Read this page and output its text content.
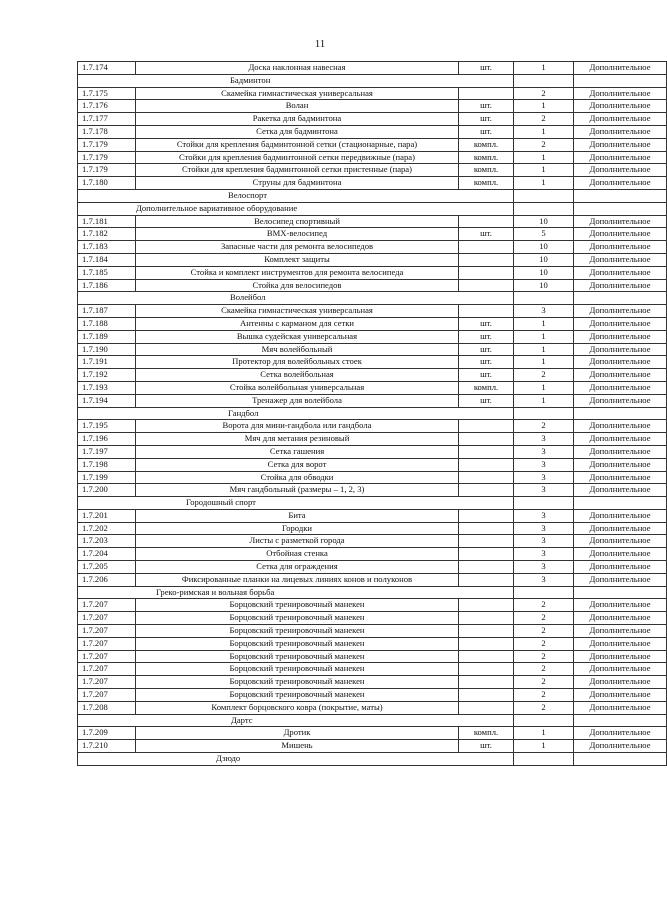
11
1.7.174	Доска наклонная навесная	шт.	1	Дополнительное
Бадминтон				
1.7.175	Скамейка гимнастическая универсальная		2	Дополнительное
1.7.176	Волан	шт.	1	Дополнительное
1.7.177	Ракетка для бадминтона	шт.	2	Дополнительное
1.7.178	Сетка для бадминтона	шт.	1	Дополнительное
1.7.179	Стойки для крепления бадминтонной сетки (стационарные, пара)	компл.	2	Дополнительное
1.7.179	Стойки для крепления бадминтонной сетки передвижные (пара)	компл.	1	Дополнительное
1.7.179	Стойки для крепления бадминтонной сетки пристенные (пара)	компл.	1	Дополнительное
1.7.180	Струны для бадминтона	компл.	1	Дополнительное
Велоспорт				
Дополнительное вариативное оборудование				
1.7.181	Велосипед спортивный		10	Дополнительное
1.7.182	BMX-велосипед	шт.	5	Дополнительное
1.7.183	Запасные части для ремонта велосипедов		10	Дополнительное
1.7.184	Комплект защиты		10	Дополнительное
1.7.185	Стойка и комплект инструментов для ремонта велосипеда		10	Дополнительное
1.7.186	Стойка для велосипедов		10	Дополнительное
Волейбол				
1.7.187	Скамейка гимнастическая универсальная		3	Дополнительное
1.7.188	Антенны с карманом для сетки	шт.	1	Дополнительное
1.7.189	Вышка судейская универсальная	шт.	1	Дополнительное
1.7.190	Мяч волейбольный	шт.	1	Дополнительное
1.7.191	Протектор для волейбольных стоек	шт.	1	Дополнительное
1.7.192	Сетка волейбольная	шт.	2	Дополнительное
1.7.193	Стойка волейбольная универсальная	компл.	1	Дополнительное
1.7.194	Тренажер для волейбола	шт.	1	Дополнительное
Гандбол				
1.7.195	Ворота для мини-гандбола или гандбола		2	Дополнительное
1.7.196	Мяч для метания резиновый		3	Дополнительное
1.7.197	Сетка гашения		3	Дополнительное
1.7.198	Сетка для ворот		3	Дополнительное
1.7.199	Стойка для обводки		3	Дополнительное
1.7.200	Мяч гандбольный (размеры – 1, 2, 3)		3	Дополнительное
Городошный спорт				
1.7.201	Бита		3	Дополнительное
1.7.202	Городки		3	Дополнительное
1.7.203	Листы с разметкой города		3	Дополнительное
1.7.204	Отбойная стенка		3	Дополнительное
1.7.205	Сетка для ограждения		3	Дополнительное
1.7.206	Фиксированные планки на лицевых линиях конов и полуконов		3	Дополнительное
Греко-римская и вольная борьба				
1.7.207	Борцовский тренировочный манекен		2	Дополнительное
1.7.207	Борцовский тренировочный манекен		2	Дополнительное
1.7.207	Борцовский тренировочный манекен		2	Дополнительное
1.7.207	Борцовский тренировочный манекен		2	Дополнительное
1.7.207	Борцовский тренировочный манекен		2	Дополнительное
1.7.207	Борцовский тренировочный манекен		2	Дополнительное
1.7.207	Борцовский тренировочный манекен		2	Дополнительное
1.7.207	Борцовский тренировочный манекен		2	Дополнительное
1.7.208	Комплект борцовского ковра (покрытие, маты)		2	Дополнительное
Дартс				
1.7.209	Дротик	компл.	1	Дополнительное
1.7.210	Мишень	шт.	1	Дополнительное
Дзюдо				
